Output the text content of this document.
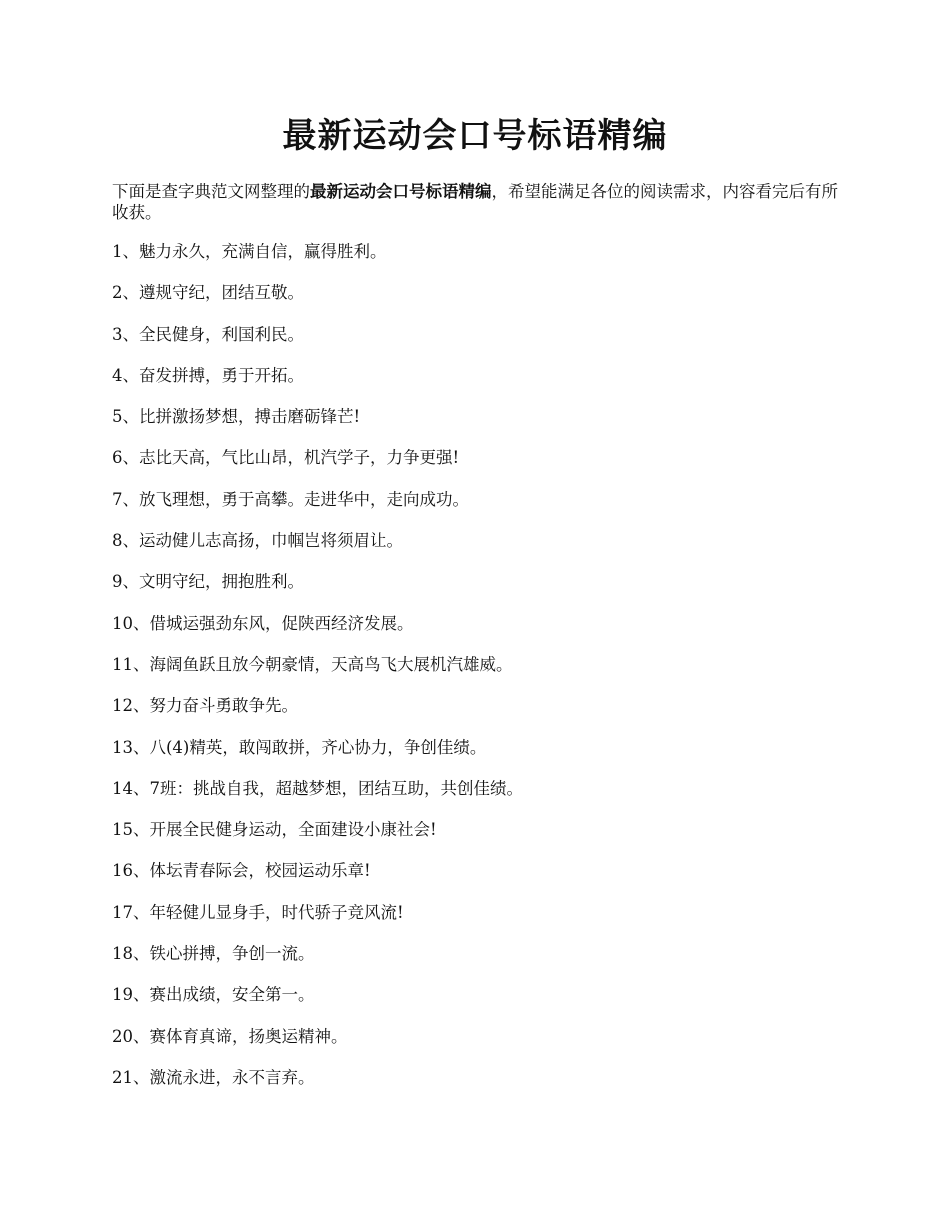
最新运动会口号标语精编

下面是查字典范文网整理的最新运动会口号标语精编，希望能满足各位的阅读需求，内容看完后有所收获。

1、魅力永久，充满自信，赢得胜利。
2、遵规守纪，团结互敬。
3、全民健身，利国利民。
4、奋发拼搏，勇于开拓。
5、比拼激扬梦想，搏击磨砺锋芒!
6、志比天高，气比山昂，机汽学子，力争更强!
7、放飞理想，勇于高攀。走进华中，走向成功。
8、运动健儿志高扬，巾帼岂将须眉让。
9、文明守纪，拥抱胜利。
10、借城运强劲东风，促陕西经济发展。
11、海阔鱼跃且放今朝豪情，天高鸟飞大展机汽雄威。
12、努力奋斗勇敢争先。
13、八(4)精英，敢闯敢拼，齐心协力，争创佳绩。
14、7班：挑战自我，超越梦想，团结互助，共创佳绩。
15、开展全民健身运动，全面建设小康社会!
16、体坛青春际会，校园运动乐章!
17、年轻健儿显身手，时代骄子竞风流!
18、铁心拼搏，争创一流。
19、赛出成绩，安全第一。
20、赛体育真谛，扬奥运精神。
21、激流永进，永不言弃。
